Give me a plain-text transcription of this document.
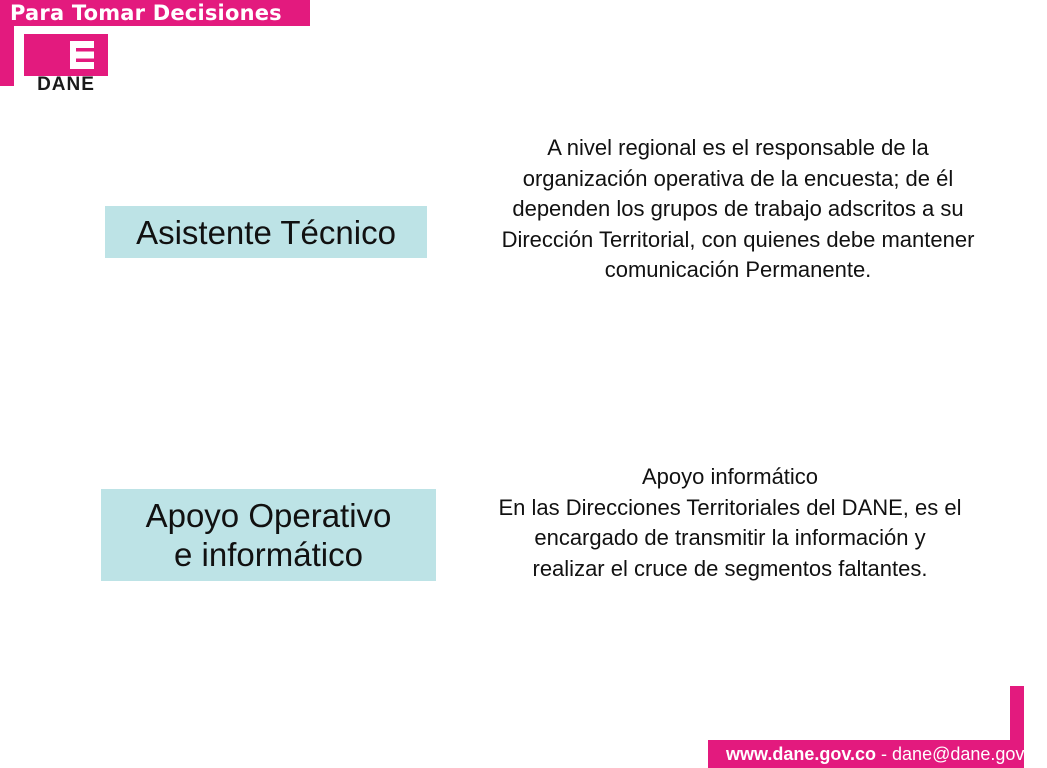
Para Tomar Decisiones
DANE
Asistente Técnico
A nivel regional es el responsable de la organización operativa de la encuesta; de él dependen los grupos de trabajo adscritos a su Dirección Territorial, con quienes debe mantener comunicación Permanente.
Apoyo Operativo
e informático
Apoyo informático
En las Direcciones Territoriales del DANE, es el encargado de transmitir la información y realizar el cruce de segmentos faltantes.
www.dane.gov.co - dane@dane.gov.co
